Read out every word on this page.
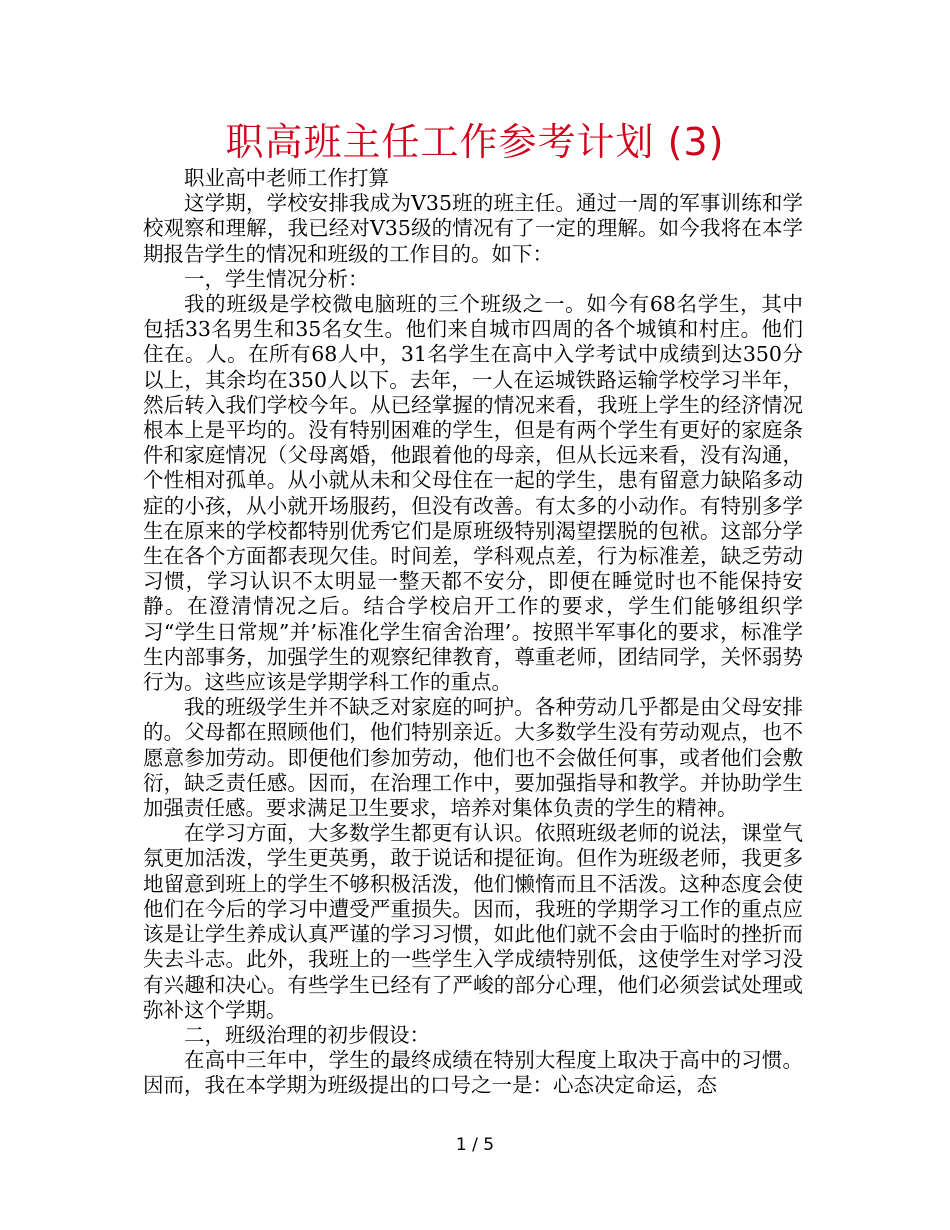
职高班主任工作参考计划 (3)

职业高中老师工作打算

这学期，学校安排我成为V35班的班主任。通过一周的军事训练和学校观察和理解，我已经对V35级的情况有了一定的理解。如今我将在本学期报告学生的情况和班级的工作目的。如下：

一，学生情况分析：

我的班级是学校微电脑班的三个班级之一。如今有68名学生，其中包括33名男生和35名女生。他们来自城市四周的各个城镇和村庄。他们住在。人。在所有68人中，31名学生在高中入学考试中成绩到达350分以上，其余均在350人以下。去年，一人在运城铁路运输学校学习半年，然后转入我们学校今年。从已经掌握的情况来看，我班上学生的经济情况根本上是平均的。没有特别困难的学生，但是有两个学生有更好的家庭条件和家庭情况（父母离婚，他跟着他的母亲，但从长远来看，没有沟通，个性相对孤单。从小就从未和父母住在一起的学生，患有留意力缺陷多动症的小孩，从小就开场服药，但没有改善。有太多的小动作。有特别多学生在原来的学校都特别优秀它们是原班级特别渴望摆脱的包袱。这部分学生在各个方面都表现欠佳。时间差，学科观点差，行为标准差，缺乏劳动习惯，学习认识不太明显一整天都不安分，即便在睡觉时也不能保持安静。在澄清情况之后。结合学校启开工作的要求，学生们能够组织学习“学生日常规”并’标准化学生宿舍治理’。按照半军事化的要求，标准学生内部事务，加强学生的观察纪律教育，尊重老师，团结同学，关怀弱势行为。这些应该是学期学科工作的重点。

我的班级学生并不缺乏对家庭的呵护。各种劳动几乎都是由父母安排的。父母都在照顾他们，他们特别亲近。大多数学生没有劳动观点，也不愿意参加劳动。即便他们参加劳动，他们也不会做任何事，或者他们会敷衍，缺乏责任感。因而，在治理工作中，要加强指导和教学。并协助学生加强责任感。要求满足卫生要求，培养对集体负责的学生的精神。

在学习方面，大多数学生都更有认识。依照班级老师的说法，课堂气氛更加活泼，学生更英勇，敢于说话和提征询。但作为班级老师，我更多地留意到班上的学生不够积极活泼，他们懒惰而且不活泼。这种态度会使他们在今后的学习中遭受严重损失。因而，我班的学期学习工作的重点应该是让学生养成认真严谨的学习习惯，如此他们就不会由于临时的挫折而失去斗志。此外，我班上的一些学生入学成绩特别低，这使学生对学习没有兴趣和决心。有些学生已经有了严峻的部分心理，他们必须尝试处理或弥补这个学期。

二，班级治理的初步假设：

在高中三年中，学生的最终成绩在特别大程度上取决于高中的习惯。因而，我在本学期为班级提出的口号之一是：心态决定命运，态

1 / 5
